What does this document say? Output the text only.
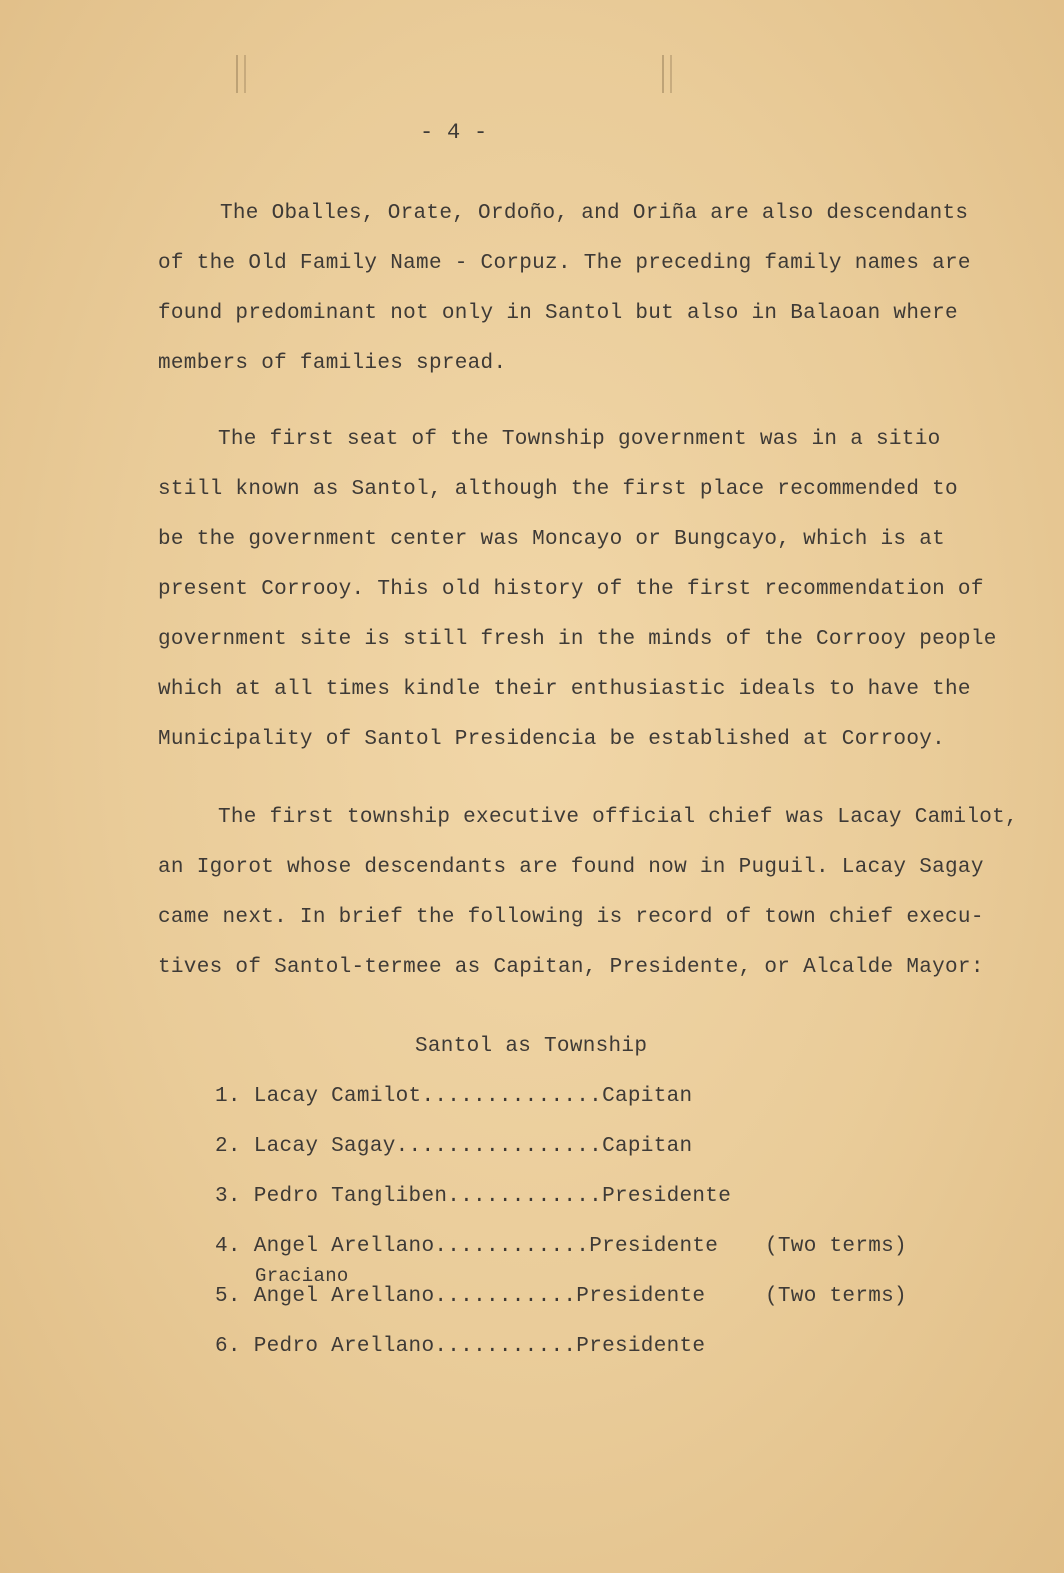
- 4 -
The Oballes, Orate, Ordoño, and Oriña are also descendants
of the Old Family Name - Corpuz. The preceding family names are
found predominant not only in Santol but also in Balaoan where
members of families spread.
The first seat of the Township government was in a sitio
still known as Santol, although the first place recommended to
be the government center was Moncayo or Bungcayo, which is at
present Corrooy. This old history of the first recommendation of
government site is still fresh in the minds of the Corrooy people
which at all times kindle their enthusiastic ideals to have the
Municipality of Santol Presidencia be established at Corrooy.
The first township executive official chief was Lacay Camilot,
an Igorot whose descendants are found now in Puguil. Lacay Sagay
came next. In brief the following is record of town chief execu-
tives of Santol-termee as Capitan, Presidente, or Alcalde Mayor:
Santol as Township
Graciano
1. Lacay Camilot..............Capitan
2. Lacay Sagay................Capitan
3. Pedro Tangliben............Presidente
4. Angel Arellano............Presidente (Two terms)
5. Angel Arellano...........Presidente	(Two terms)
6. Pedro Arellano...........Presidente
